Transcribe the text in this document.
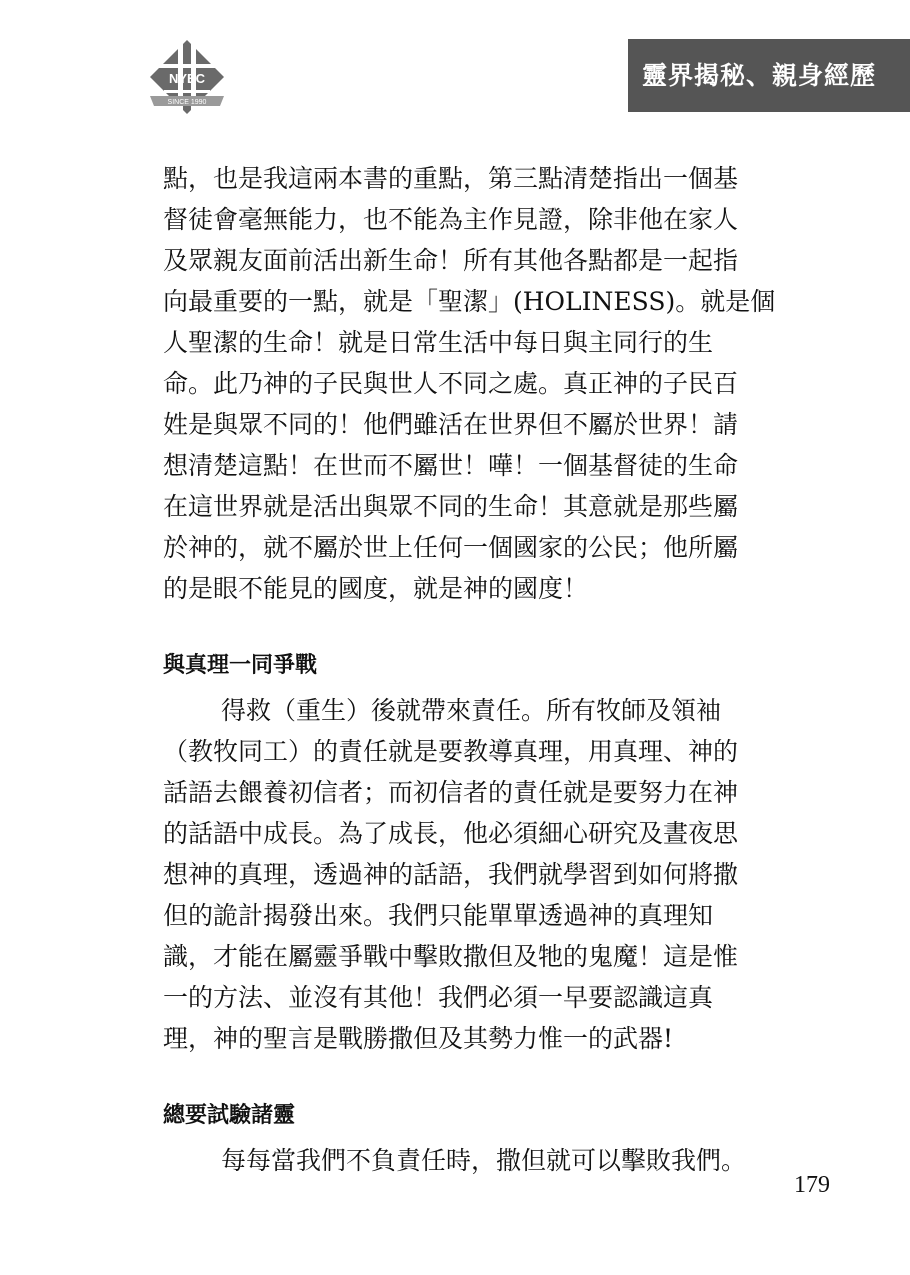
NYEC
SINCE 1990
靈界揭秘、親身經歷

點，也是我這兩本書的重點，第三點清楚指出一個基
督徒會毫無能力，也不能為主作見證，除非他在家人
及眾親友面前活出新生命！所有其他各點都是一起指
向最重要的一點，就是「聖潔」(HOLINESS)。就是個
人聖潔的生命！就是日常生活中每日與主同行的生
命。此乃神的子民與世人不同之處。真正神的子民百
姓是與眾不同的！他們雖活在世界但不屬於世界！請
想清楚這點！在世而不屬世！嘩！一個基督徒的生命
在這世界就是活出與眾不同的生命！其意就是那些屬
於神的，就不屬於世上任何一個國家的公民；他所屬
的是眼不能見的國度，就是神的國度！

與真理一同爭戰

得救（重生）後就帶來責任。所有牧師及領袖
（教牧同工）的責任就是要教導真理，用真理、神的
話語去餵養初信者；而初信者的責任就是要努力在神
的話語中成長。為了成長，他必須細心研究及晝夜思
想神的真理，透過神的話語，我們就學習到如何將撒
但的詭計揭發出來。我們只能單單透過神的真理知
識，才能在屬靈爭戰中擊敗撒但及牠的鬼魔！這是惟
一的方法、並沒有其他！我們必須一早要認識這真
理，神的聖言是戰勝撒但及其勢力惟一的武器!

總要試驗諸靈

每每當我們不負責任時，撒但就可以擊敗我們。

179
